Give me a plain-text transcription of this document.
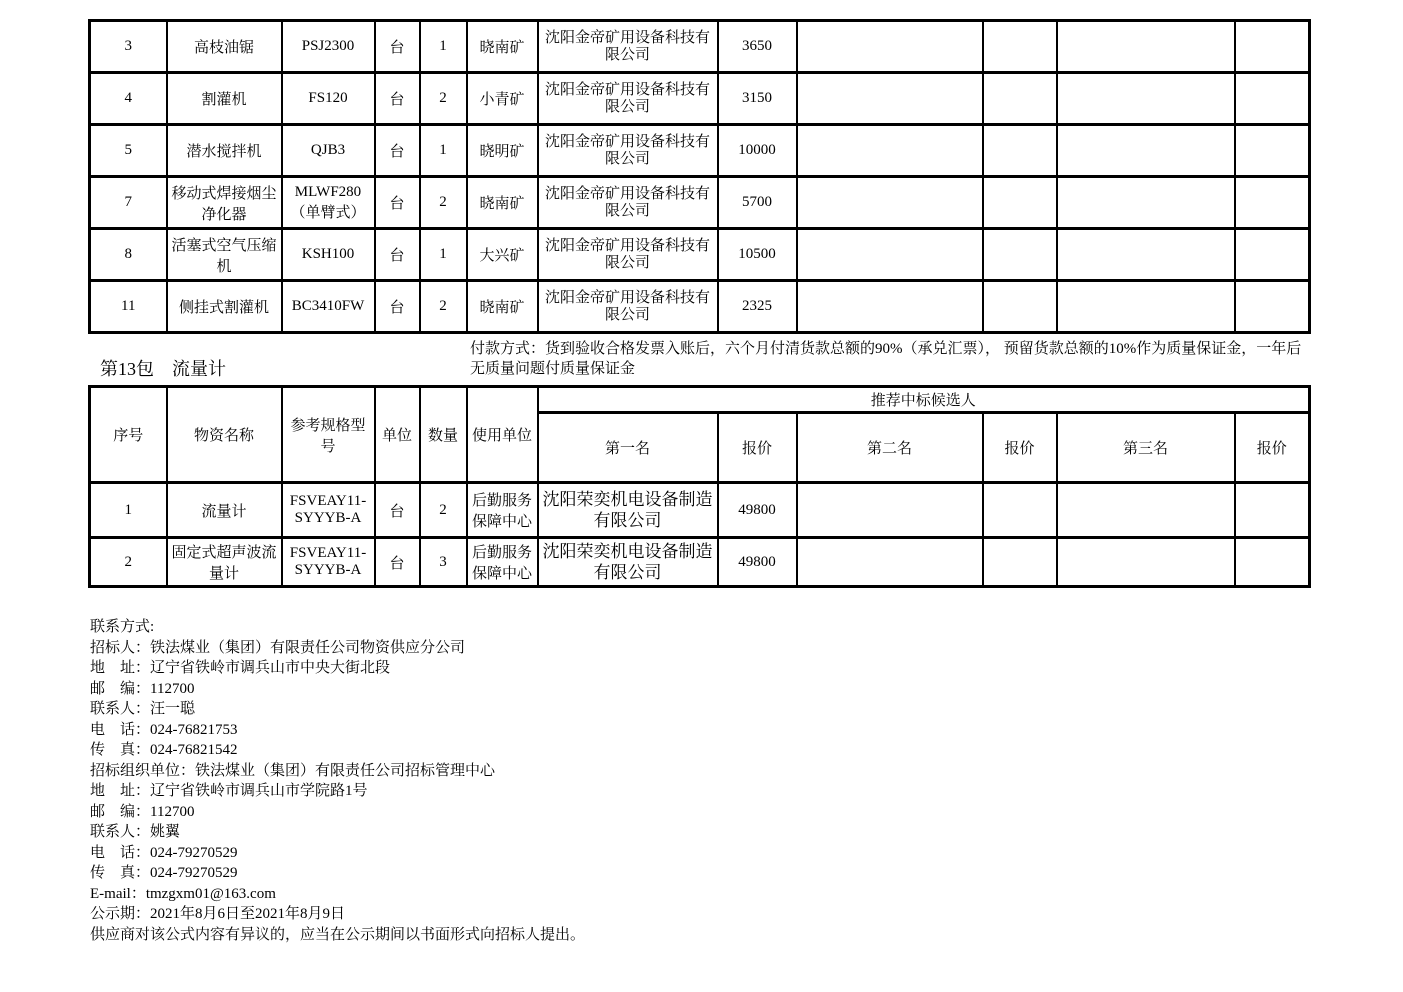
3	高枝油锯	PSJ2300	台	1	晓南矿	沈阳金帝矿用设备科技有限公司	3650				
4	割灌机	FS120	台	2	小青矿	沈阳金帝矿用设备科技有限公司	3150				
5	潜水搅拌机	QJB3	台	1	晓明矿	沈阳金帝矿用设备科技有限公司	10000				
7	移动式焊接烟尘净化器	MLWF280（单臂式）	台	2	晓南矿	沈阳金帝矿用设备科技有限公司	5700				
8	活塞式空气压缩机	KSH100	台	1	大兴矿	沈阳金帝矿用设备科技有限公司	10500				
11	侧挂式割灌机	BC3410FW	台	2	晓南矿	沈阳金帝矿用设备科技有限公司	2325				
第13包　流量计
付款方式：货到验收合格发票入账后，六个月付清货款总额的90%（承兑汇票）， 预留货款总额的10%作为质量保证金，一年后无质量问题付质量保证金
序号	物资名称	参考规格型号	单位	数量	使用单位	推荐中标候选人					
						第一名	报价	第二名	报价	第三名	报价
1	流量计	FSVEAY11-SYYYB-A	台	2	后勤服务保障中心	沈阳荣奕机电设备制造有限公司	49800				
2	固定式超声波流量计	FSVEAY11-SYYYB-A	台	3	后勤服务保障中心	沈阳荣奕机电设备制造有限公司	49800				
联系方式:
招标人：铁法煤业（集团）有限责任公司物资供应分公司
地　址：辽宁省铁岭市调兵山市中央大街北段
邮　编：112700
联系人：汪一聪
电　话：024-76821753
传　真：024-76821542
招标组织单位：铁法煤业（集团）有限责任公司招标管理中心
地　址：辽宁省铁岭市调兵山市学院路1号
邮　编：112700
联系人：姚翼
电　话：024-79270529
传　真：024-79270529
E-mail：tmzgxm01@163.com
公示期：2021年8月6日至2021年8月9日
供应商对该公式内容有异议的，应当在公示期间以书面形式向招标人提出。
